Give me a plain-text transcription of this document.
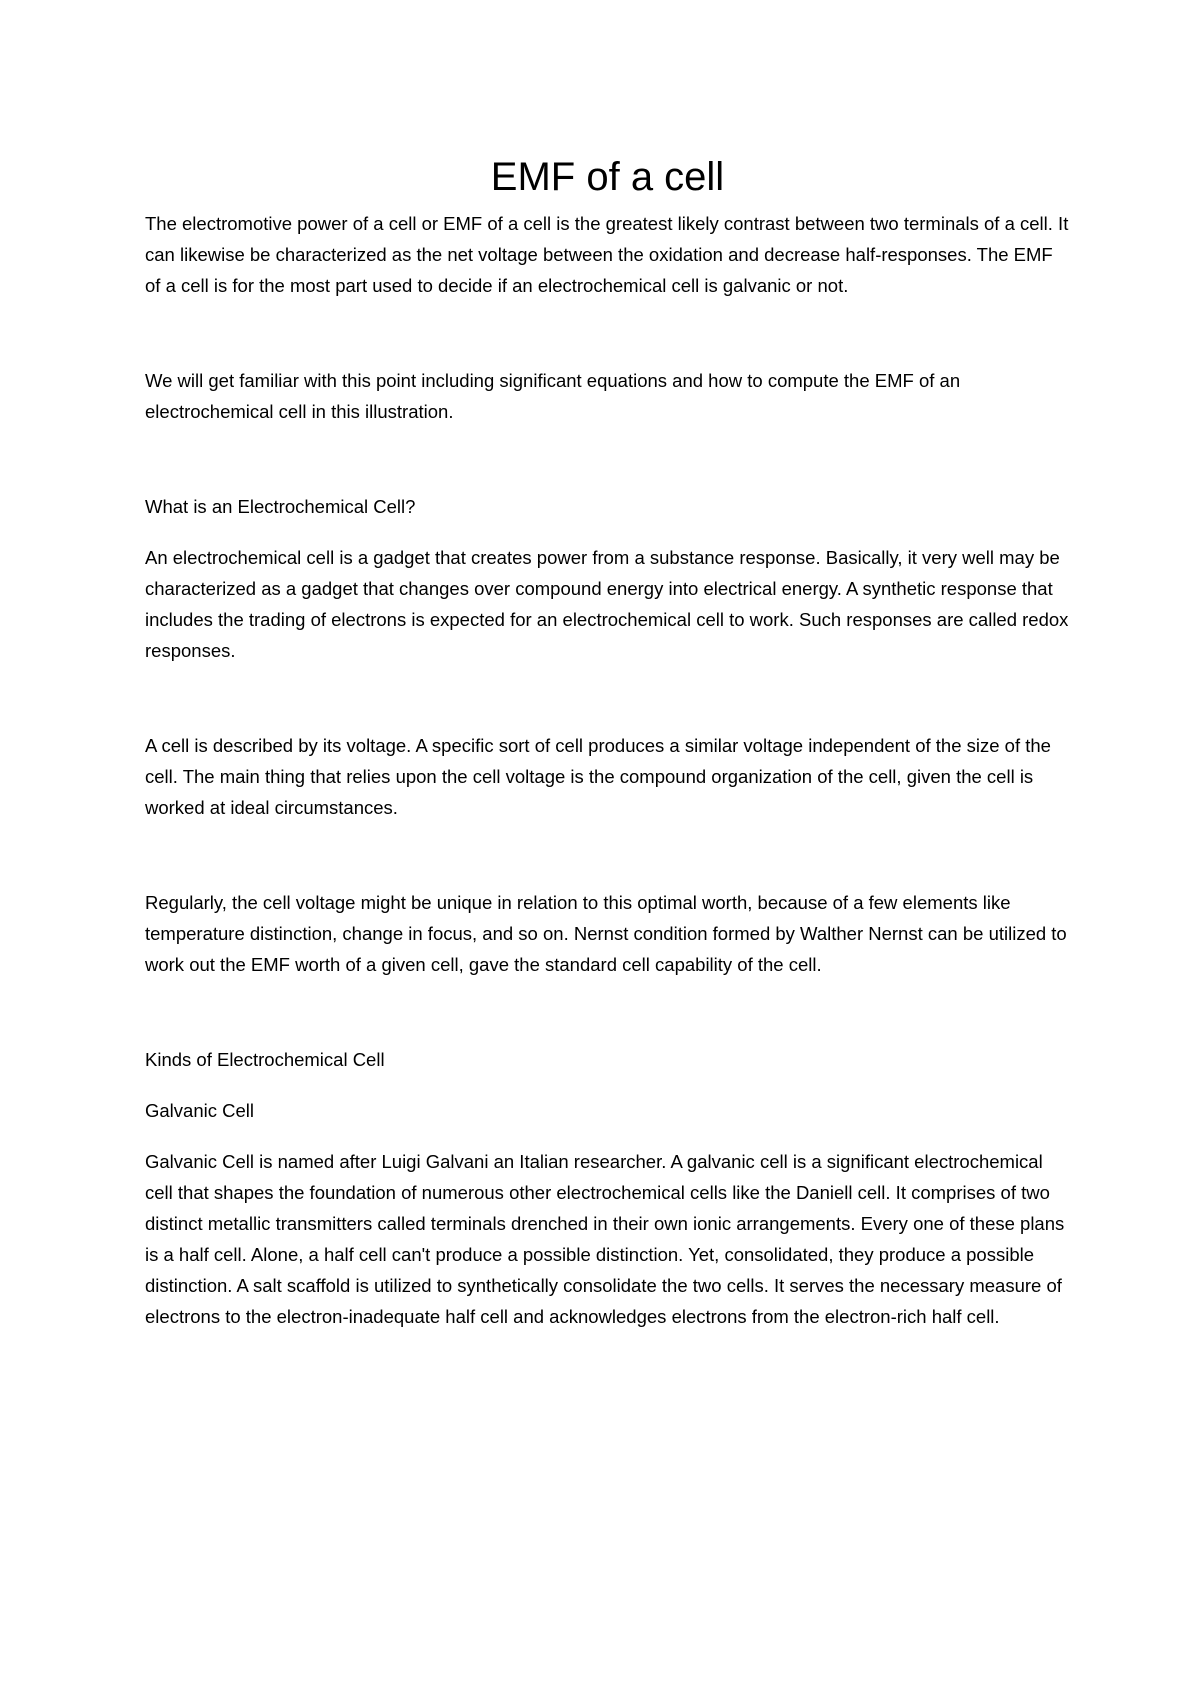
EMF of a cell

The electromotive power of a cell or EMF of a cell is the greatest likely contrast between two terminals of a cell. It can likewise be characterized as the net voltage between the oxidation and decrease half-responses. The EMF of a cell is for the most part used to decide if an electrochemical cell is galvanic or not.

We will get familiar with this point including significant equations and how to compute the EMF of an electrochemical cell in this illustration.

What is an Electrochemical Cell?

An electrochemical cell is a gadget that creates power from a substance response. Basically, it very well may be characterized as a gadget that changes over compound energy into electrical energy. A synthetic response that includes the trading of electrons is expected for an electrochemical cell to work. Such responses are called redox responses.

A cell is described by its voltage. A specific sort of cell produces a similar voltage independent of the size of the cell. The main thing that relies upon the cell voltage is the compound organization of the cell, given the cell is worked at ideal circumstances.

Regularly, the cell voltage might be unique in relation to this optimal worth, because of a few elements like temperature distinction, change in focus, and so on. Nernst condition formed by Walther Nernst can be utilized to work out the EMF worth of a given cell, gave the standard cell capability of the cell.

Kinds of Electrochemical Cell

Galvanic Cell

Galvanic Cell is named after Luigi Galvani an Italian researcher. A galvanic cell is a significant electrochemical cell that shapes the foundation of numerous other electrochemical cells like the Daniell cell. It comprises of two distinct metallic transmitters called terminals drenched in their own ionic arrangements. Every one of these plans is a half cell. Alone, a half cell can't produce a possible distinction. Yet, consolidated, they produce a possible distinction. A salt scaffold is utilized to synthetically consolidate the two cells. It serves the necessary measure of electrons to the electron-inadequate half cell and acknowledges electrons from the electron-rich half cell.
